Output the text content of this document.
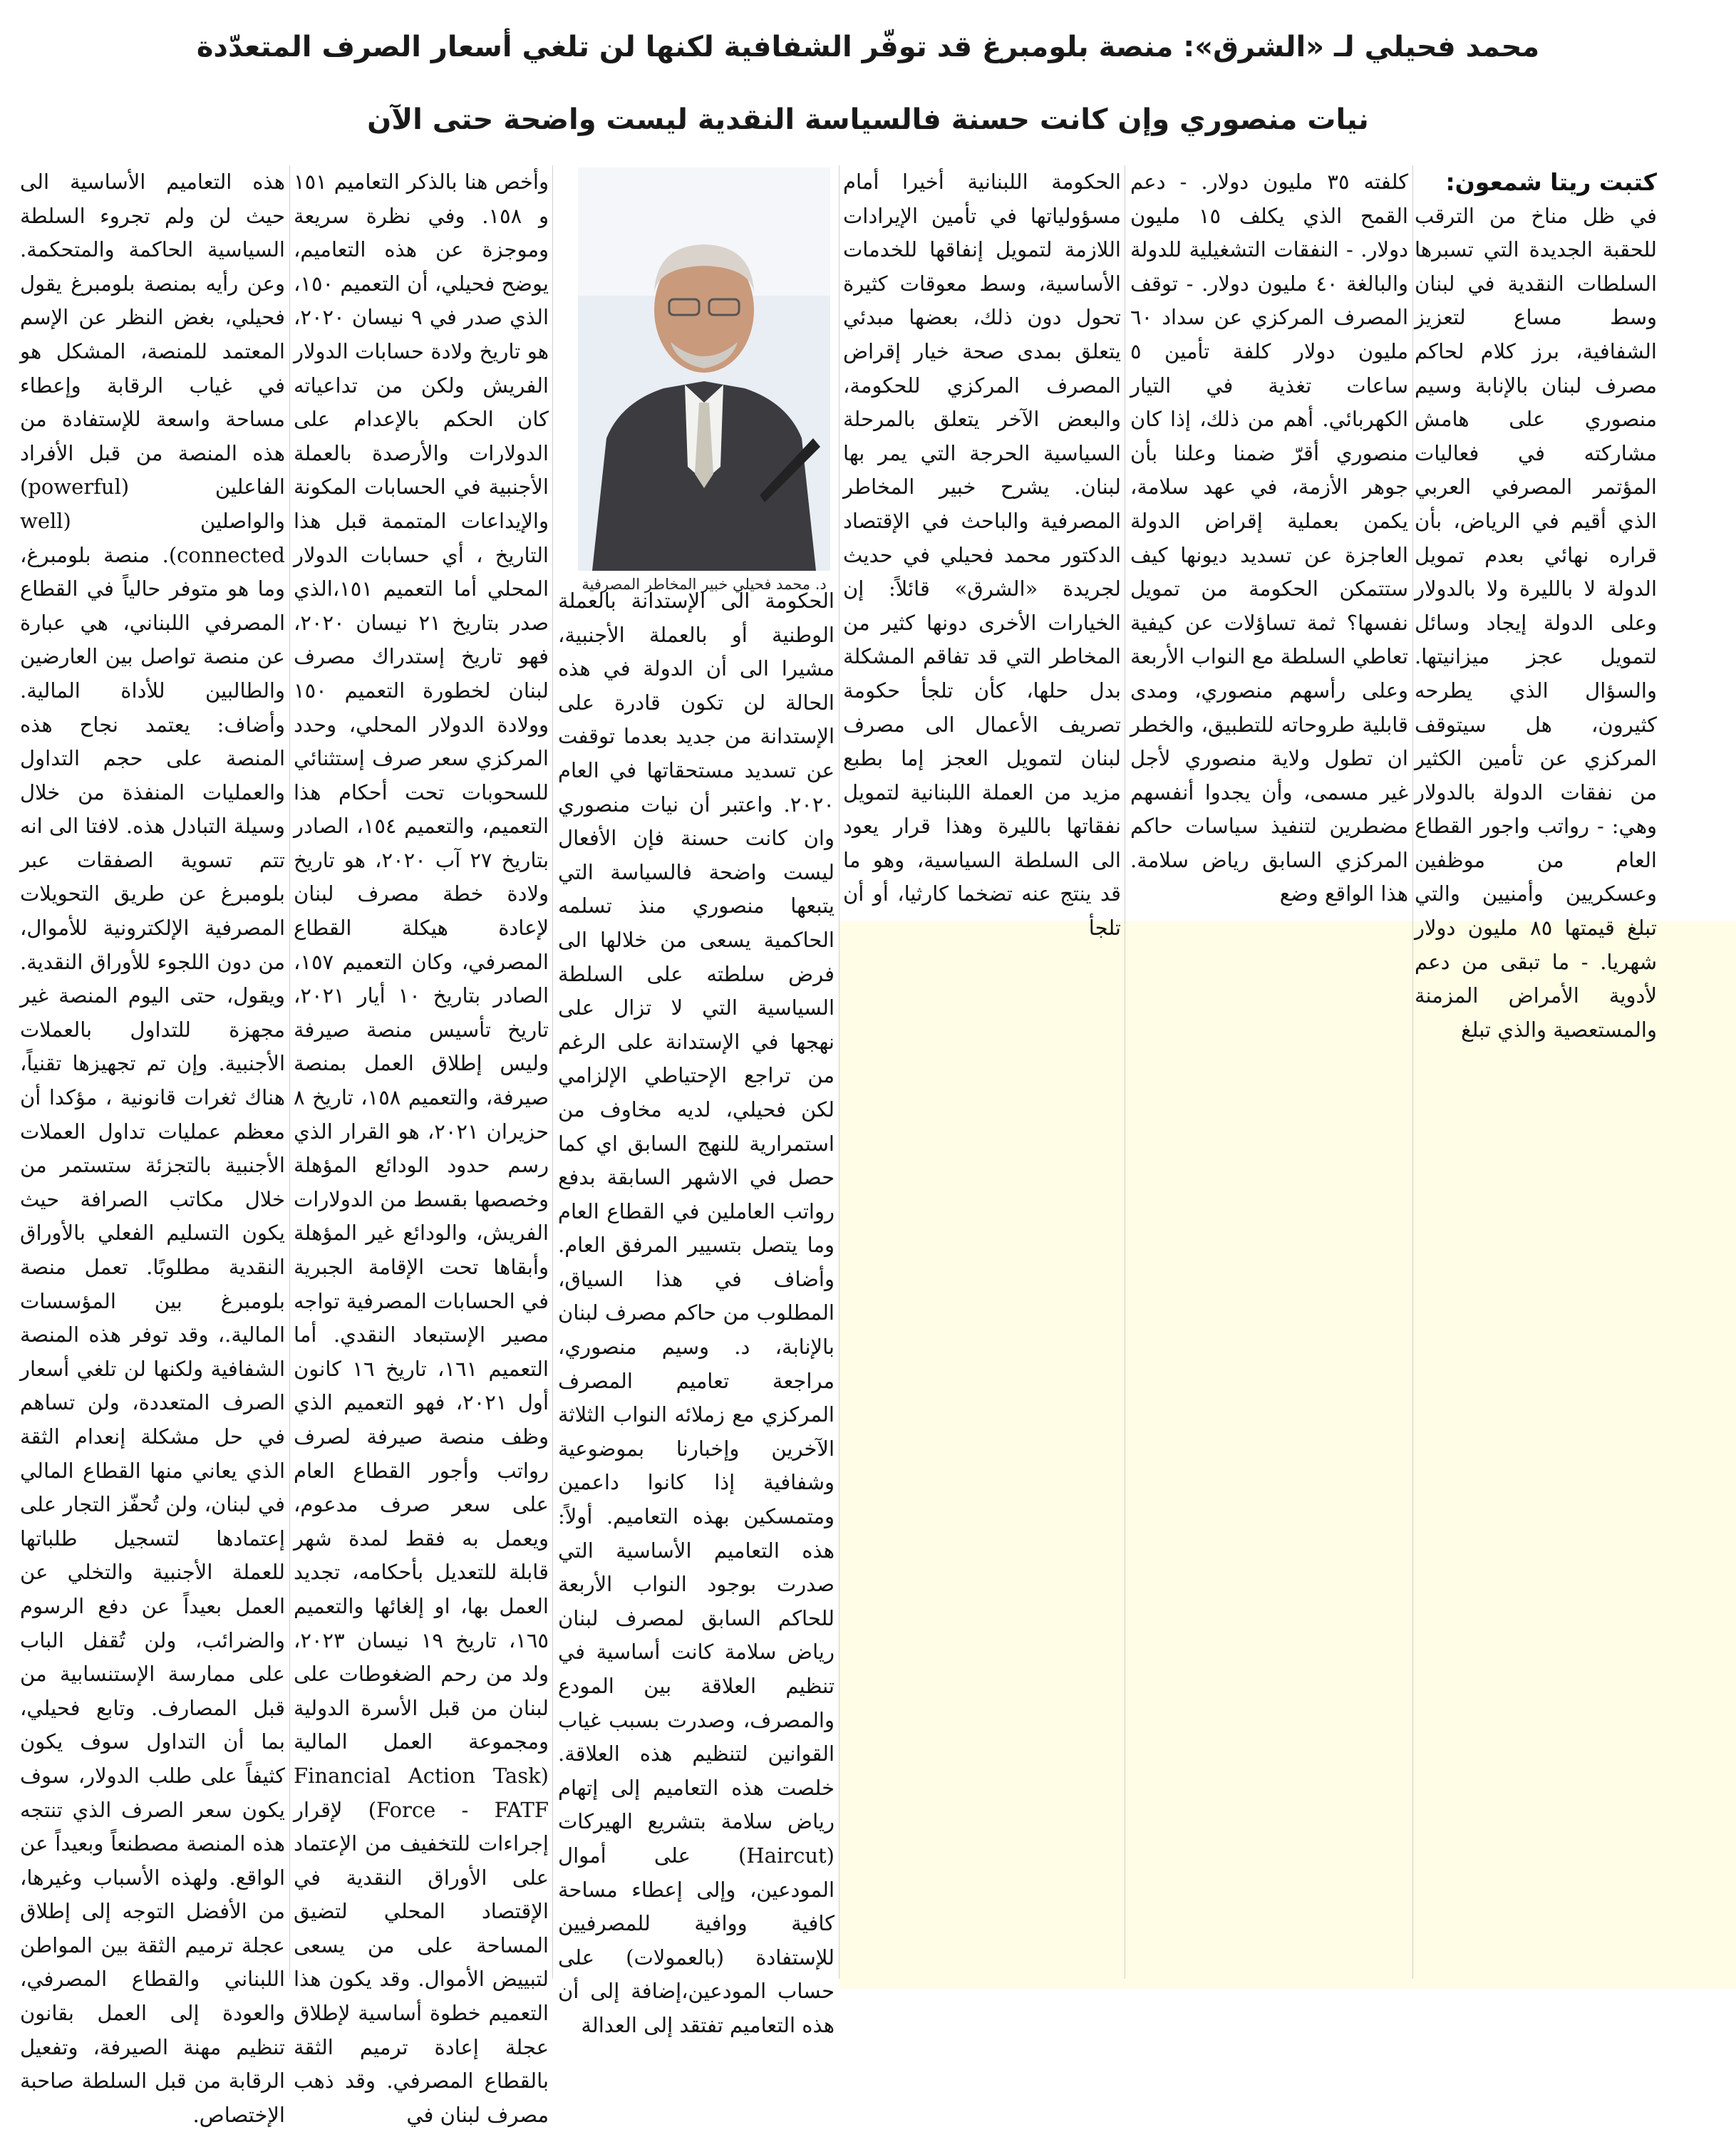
محمد فحيلي لـ «الشرق»: منصة بلومبرغ قد توفّر الشفافية لكنها لن تلغي أسعار الصرف المتعدّدة
نيات منصوري وإن كانت حسنة فالسياسة النقدية ليست واضحة حتى الآن

كتبت ريتا شمعون:

في ظل مناخ من الترقب للحقبة الجديدة التي تسبرها السلطات النقدية في لبنان وسط مساع لتعزيز الشفافية، برز كلام لحاكم مصرف لبنان بالإنابة وسيم منصوري على هامش مشاركته في فعاليات المؤتمر المصرفي العربي الذي أقيم في الرياض، بأن قراره نهائي بعدم تمويل الدولة لا بالليرة ولا بالدولار وعلى الدولة إيجاد وسائل لتمويل عجز ميزانيتها. والسؤال الذي يطرحه كثيرون، هل سيتوقف المركزي عن تأمين الكثير من نفقات الدولة بالدولار وهي: - رواتب واجور القطاع العام من موظفين وعسكريين وأمنيين والتي تبلغ قيمتها ٨٥ مليون دولار شهريا. - ما تبقى من دعم لأدوية الأمراض المزمنة والمستعصية والذي تبلغ

كلفته ٣٥ مليون دولار. - دعم القمح الذي يكلف ١٥ مليون دولار. - النفقات التشغيلية للدولة والبالغة ٤٠ مليون دولار. - توقف المصرف المركزي عن سداد ٦٠ مليون دولار كلفة تأمين ٥ ساعات تغذية في التيار الكهربائي. أهم من ذلك، إذا كان منصوري أقرّ ضمنا وعلنا بأن جوهر الأزمة، في عهد سلامة، يكمن بعملية إقراض الدولة العاجزة عن تسديد ديونها كيف ستتمكن الحكومة من تمويل نفسها؟ ثمة تساؤلات عن كيفية تعاطي السلطة مع النواب الأربعة وعلى رأسهم منصوري، ومدى قابلية طروحاته للتطبيق، والخطر ان تطول ولاية منصوري لأجل غير مسمى، وأن يجدوا أنفسهم مضطرين لتنفيذ سياسات حاكم المركزي السابق رياض سلامة. هذا الواقع وضع

الحكومة اللبنانية أخيرا أمام مسؤولياتها في تأمين الإيرادات اللازمة لتمويل إنفاقها للخدمات الأساسية، وسط معوقات كثيرة تحول دون ذلك، بعضها مبدئي يتعلق بمدى صحة خيار إقراض المصرف المركزي للحكومة، والبعض الآخر يتعلق بالمرحلة السياسية الحرجة التي يمر بها لبنان. يشرح خبير المخاطر المصرفية والباحث في الإقتصاد الدكتور محمد فحيلي في حديث لجريدة «الشرق» قائلاً: إن الخيارات الأخرى دونها كثير من المخاطر التي قد تفاقم المشكلة بدل حلها، كأن تلجأ حكومة تصريف الأعمال الى مصرف لبنان لتمويل العجز إما بطبع مزيد من العملة اللبنانية لتمويل نفقاتها بالليرة وهذا قرار يعود الى السلطة السياسية، وهو ما قد ينتج عنه تضخما كارثيا، أو أن تلجأ

د. محمد فحيلي خبير المخاطر المصرفية

الحكومة الى الإستدانة بالعملة الوطنية أو بالعملة الأجنبية، مشيرا الى أن الدولة في هذه الحالة لن تكون قادرة على الإستدانة من جديد بعدما توقفت عن تسديد مستحقاتها في العام ٢٠٢٠. واعتبر أن نيات منصوري وان كانت حسنة فإن الأفعال ليست واضحة فالسياسة التي يتبعها منصوري منذ تسلمه الحاكمية يسعى من خلالها الى فرض سلطته على السلطة السياسية التي لا تزال على نهجها في الإستدانة على الرغم من تراجع الإحتياطي الإلزامي لكن فحيلي، لديه مخاوف من استمرارية للنهج السابق اي كما حصل في الاشهر السابقة بدفع رواتب العاملين في القطاع العام وما يتصل بتسيير المرفق العام. وأضاف في هذا السياق، المطلوب من حاكم مصرف لبنان بالإنابة، د. وسيم منصوري، مراجعة تعاميم المصرف المركزي مع زملائه النواب الثلاثة الآخرين وإخبارنا بموضوعية وشفافية إذا كانوا داعمين ومتمسكين بهذه التعاميم. أولاً: هذه التعاميم الأساسية التي صدرت بوجود النواب الأربعة للحاكم السابق لمصرف لبنان رياض سلامة كانت أساسية في تنظيم العلاقة بين المودع والمصرف، وصدرت بسبب غياب القوانين لتنظيم هذه العلاقة. خلصت هذه التعاميم إلى إتهام رياض سلامة بتشريع الهيركات (Haircut) على أموال المودعين، وإلى إعطاء مساحة كافية ووافية للمصرفيين للإستفادة (بالعمولات) على حساب المودعين،إضافة إلى أن هذه التعاميم تفتقد إلى العدالة

وأخص هنا بالذكر التعاميم ١٥١ و ١٥٨. وفي نظرة سريعة وموجزة عن هذه التعاميم، يوضح فحيلي، أن التعميم ١٥٠، الذي صدر في ٩ نيسان ٢٠٢٠، هو تاريخ ولادة حسابات الدولار الفريش ولكن من تداعياته كان الحكم بالإعدام على الدولارات والأرصدة بالعملة الأجنبية في الحسابات المكونة والإيداعات المتممة قبل هذا التاريخ ، أي حسابات الدولار المحلي أما التعميم ١٥١،الذي صدر بتاريخ ٢١ نيسان ٢٠٢٠، فهو تاريخ إستدراك مصرف لبنان لخطورة التعميم ١٥٠ وولادة الدولار المحلي، وحدد المركزي سعر صرف إستثنائي للسحوبات تحت أحكام هذا التعميم، والتعميم ١٥٤، الصادر بتاريخ ٢٧ آب ٢٠٢٠، هو تاريخ ولادة خطة مصرف لبنان لإعادة هيكلة القطاع المصرفي، وكان التعميم ١٥٧، الصادر بتاريخ ١٠ أيار ٢٠٢١، تاريخ تأسيس منصة صيرفة وليس إطلاق العمل بمنصة صيرفة، والتعميم ١٥٨، تاريخ ٨ حزيران ٢٠٢١، هو القرار الذي رسم حدود الودائع المؤهلة وخصصها بقسط من الدولارات الفريش، والودائع غير المؤهلة وأبقاها تحت الإقامة الجبرية في الحسابات المصرفية تواجه مصير الإستبعاد النقدي. أما التعميم ١٦١، تاريخ ١٦ كانون أول ٢٠٢١، فهو التعميم الذي وظف منصة صيرفة لصرف رواتب وأجور القطاع العام على سعر صرف مدعوم، ويعمل به فقط لمدة شهر قابلة للتعديل بأحكامه، تجديد العمل بها، او إلغائها والتعميم ١٦٥، تاريخ ١٩ نيسان ٢٠٢٣، ولد من رحم الضغوطات على لبنان من قبل الأسرة الدولية ومجموعة العمل المالية (Financial Action Task Force - FATF) لإقرار إجراءات للتخفيف من الإعتماد على الأوراق النقدية في الإقتصاد المحلي لتضيق المساحة على من يسعى لتبييض الأموال. وقد يكون هذا التعميم خطوة أساسية لإطلاق عجلة إعادة ترميم الثقة بالقطاع المصرفي. وقد ذهب مصرف لبنان في

هذه التعاميم الأساسية الى حيث لن ولم تجروء السلطة السياسية الحاكمة والمتحكمة. وعن رأيه بمنصة بلومبرغ يقول فحيلي، بغض النظر عن الإسم المعتمد للمنصة، المشكل هو في غياب الرقابة وإعطاء مساحة واسعة للإستفادة من هذه المنصة من قبل الأفراد الفاعلين (powerful) والواصلين (well connected). منصة بلومبرغ، وما هو متوفر حالياً في القطاع المصرفي اللبناني، هي عبارة عن منصة تواصل بين العارضين والطالبين للأداة المالية. وأضاف: يعتمد نجاح هذه المنصة على حجم التداول والعمليات المنفذة من خلال وسيلة التبادل هذه. لافتا الى انه تتم تسوية الصفقات عبر بلومبرغ عن طريق التحويلات المصرفية الإلكترونية للأموال، من دون اللجوء للأوراق النقدية. ويقول، حتى اليوم المنصة غير مجهزة للتداول بالعملات الأجنبية. وإن تم تجهيزها تقنياً، هناك ثغرات قانونية ، مؤكدا أن معظم عمليات تداول العملات الأجنبية بالتجزئة ستستمر من خلال مكاتب الصرافة حيث يكون التسليم الفعلي بالأوراق النقدية مطلوبًا. تعمل منصة بلومبرغ بين المؤسسات المالية.، وقد توفر هذه المنصة الشفافية ولكنها لن تلغي أسعار الصرف المتعددة، ولن تساهم في حل مشكلة إنعدام الثقة الذي يعاني منها القطاع المالي في لبنان، ولن تُحفّز التجار على إعتمادها لتسجيل طلباتها للعملة الأجنبية والتخلي عن العمل بعيداً عن دفع الرسوم والضرائب، ولن تُقفل الباب على ممارسة الإستنسابية من قبل المصارف. وتابع فحيلي، بما أن التداول سوف يكون كثيفاً على طلب الدولار، سوف يكون سعر الصرف الذي تنتجه هذه المنصة مصطنعاً وبعيداً عن الواقع. ولهذه الأسباب وغيرها، من الأفضل التوجه إلى إطلاق عجلة ترميم الثقة بين المواطن اللبناني والقطاع المصرفي، والعودة إلى العمل بقانون تنظيم مهنة الصيرفة، وتفعيل الرقابة من قبل السلطة صاحبة الإختصاص.
